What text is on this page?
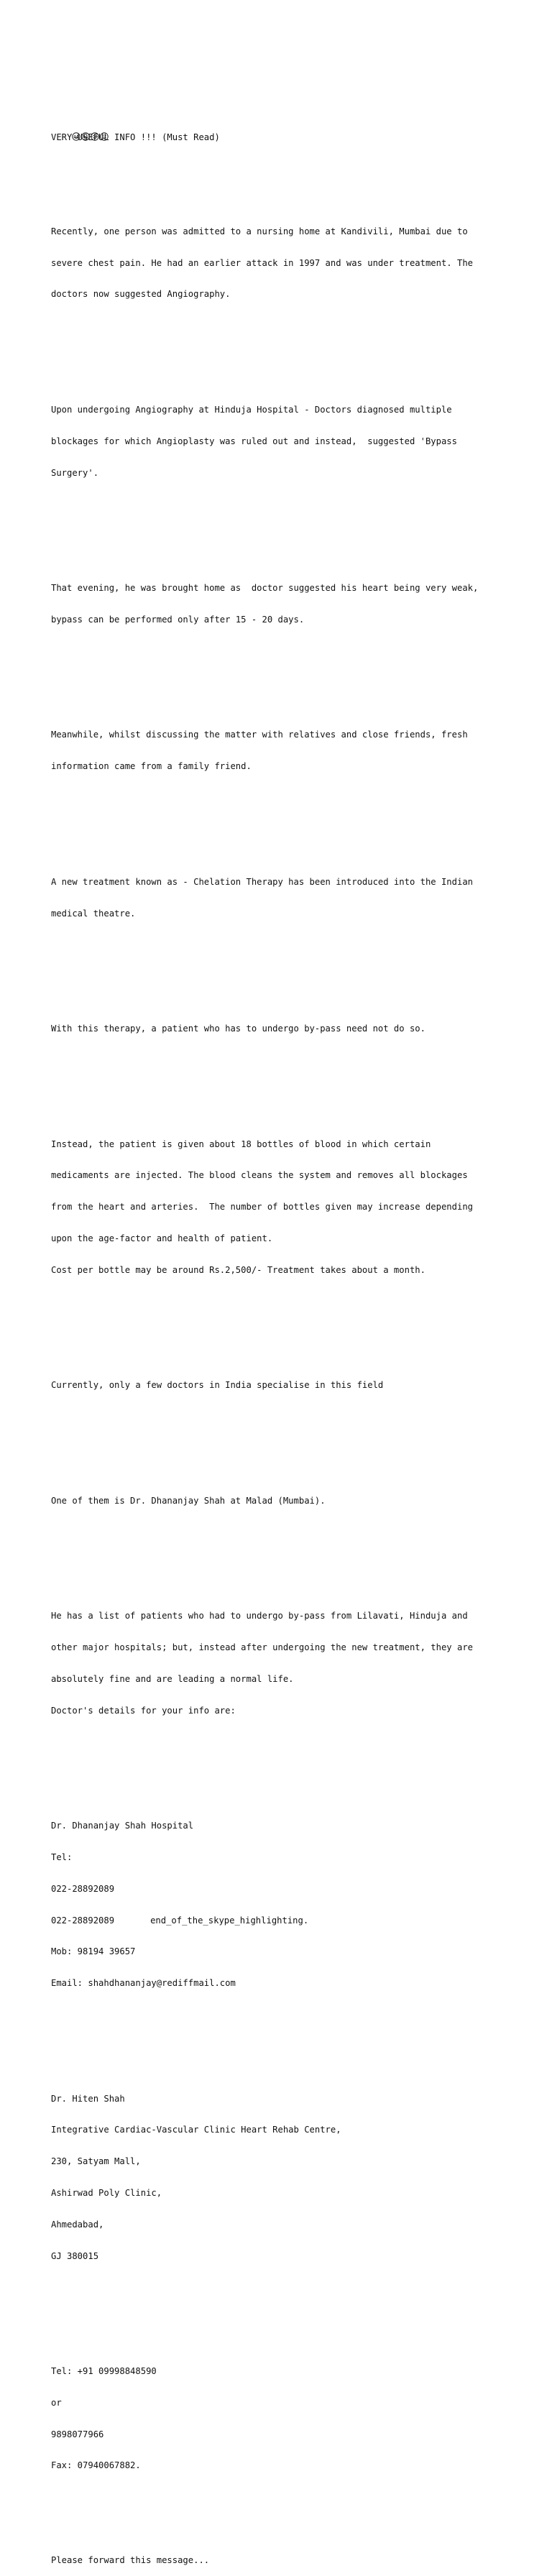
VERY USEFUL INFO !!! (Must Read)

Recently, one person was admitted to a nursing home at Kandivili, Mumbai due to

severe chest pain. He had an earlier attack in 1997 and was under treatment. The

doctors now suggested Angiography.

Upon undergoing Angiography at Hinduja Hospital - Doctors diagnosed multiple

blockages for which Angioplasty was ruled out and instead,  suggested 'Bypass

Surgery'.

That evening, he was brought home as  doctor suggested his heart being very weak,

bypass can be performed only after 15 - 20 days.

Meanwhile, whilst discussing the matter with relatives and close friends, fresh

information came from a family friend.

A new treatment known as - Chelation Therapy has been introduced into the Indian

medical theatre.

With this therapy, a patient who has to undergo by-pass need not do so.

Instead, the patient is given about 18 bottles of blood in which certain

medicaments are injected. The blood cleans the system and removes all blockages

from the heart and arteries.  The number of bottles given may increase depending

upon the age-factor and health of patient.

Cost per bottle may be around Rs.2,500/- Treatment takes about a month.

Currently, only a few doctors in India specialise in this field

One of them is Dr. Dhananjay Shah at Malad (Mumbai).

He has a list of patients who had to undergo by-pass from Lilavati, Hinduja and

other major hospitals; but, instead after undergoing the new treatment, they are

absolutely fine and are leading a normal life.

Doctor's details for your info are:

Dr. Dhananjay Shah Hospital

Tel:

022-28892089

022-28892089	end_of_the_skype_highlighting.

Mob: 98194 39657

Email: shahdhananjay@rediffmail.com

Dr. Hiten Shah

Integrative Cardiac-Vascular Clinic Heart Rehab Centre,

230, Satyam Mall,

Ashirwad Poly Clinic,

Ahmedabad,

GJ 380015

Tel: +91 09998848590

or

9898077966

Fax: 07940067882.

Please forward this message...
